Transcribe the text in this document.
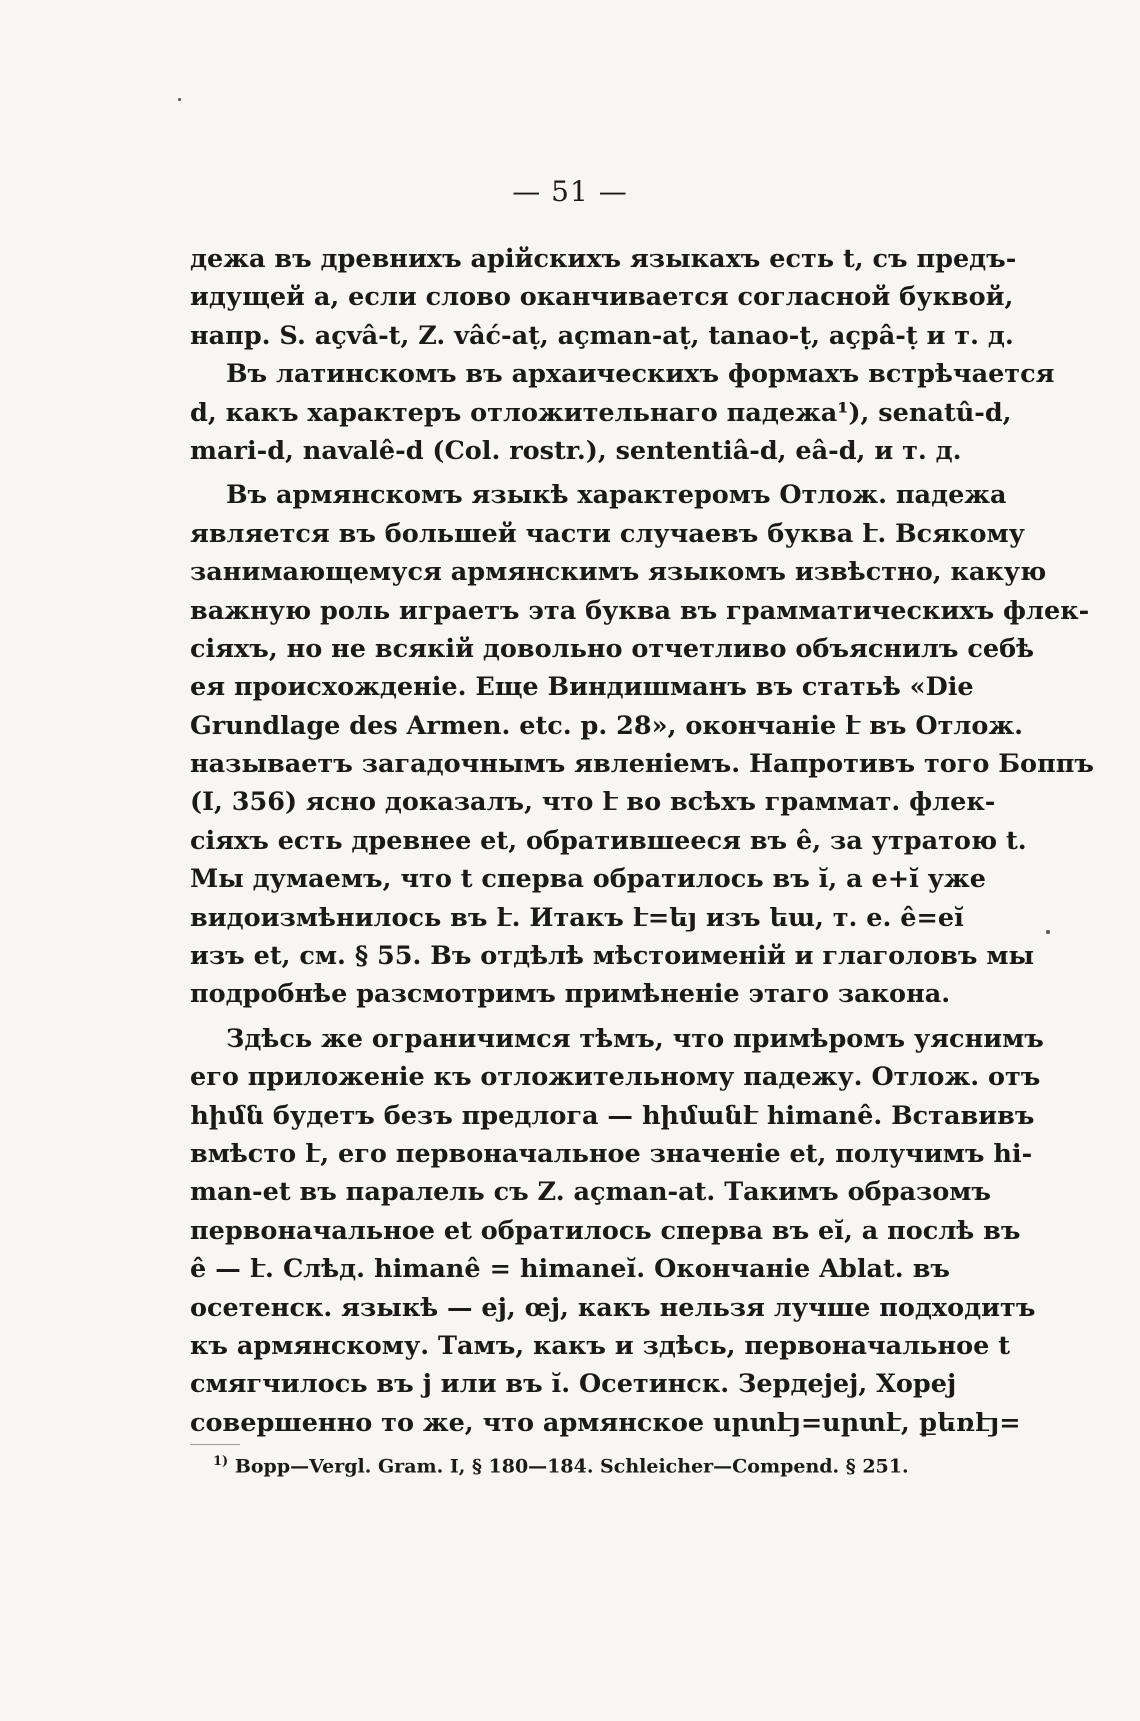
— 51 —
дежа въ древнихъ арійскихъ языкахъ есть t, съ предъ-
идущей a, если слово оканчивается согласной буквой,
напр. S. açvâ-t, Z. vâć-aṭ, açman-aṭ, tanao-ṭ, açpâ-ṭ и т. д.
Въ латинскомъ въ архаическихъ формахъ встрѣчается
d, какъ характеръ отложительнаго падежа¹), senatû-d,
mari-d, navalê-d (Col. rostr.), sententiâ-d, eâ-d, и т. д.
Въ армянскомъ языкѣ характеромъ Отлож. падежа
является въ большей части случаевъ буква է. Всякому
занимающемуся армянскимъ языкомъ извѣстно, какую
важную роль играетъ эта буква въ грамматическихъ флек-
сіяхъ, но не всякій довольно отчетливо объяснилъ себѣ
ея происхожденіе. Еще Виндишманъ въ статьѣ «Die
Grundlage des Armen. etc. p. 28», окончаніе է въ Отлож.
называетъ загадочнымъ явленіемъ. Напротивъ того Боппъ
(I, 356) ясно доказалъ, что է во всѣхъ граммат. флек-
сіяхъ есть древнее et, обратившееся въ ê, за утратою t.
Мы думаемъ, что t сперва обратилось въ ĭ, а е+ĭ уже
видоизмѣнилось въ է. Итакъ է=եյ изъ եա, т. е. ê=eĭ
изъ et, см. § 55. Въ отдѣлѣ мѣстоименій и глаголовъ мы
подробнѣе разсмотримъ примѣненіе этаго закона.
Здѣсь же ограничимся тѣмъ, что примѣромъ уяснимъ
его приложеніе къ отложительному падежу. Отлож. отъ
հիմն будетъ безъ предлога — հիմանէ himanê. Вставивъ
вмѣсто է, его первоначальное значеніе et, получимъ hi-
man-et въ паралель съ Z. açman-at. Такимъ образомъ
первоначальное et обратилось сперва въ eĭ, а послѣ въ
ê — է. Слѣд. himanê = himaneĭ. Окончаніе Ablat. въ
осетенск. языкѣ — ej, œj, какъ нельзя лучше подходитъ
къ армянскому. Тамъ, какъ и здѣсь, первоначальное t
смягчилось въ j или въ ĭ. Осетинск. Зердеjej, Хореj
совершенно то же, что армянское սրտէյ=սրտէ, քեռէյ=
$^{1)}$ Bopp—Vergl. Gram. I, § 180—184. Schleicher—Compend. § 251.
